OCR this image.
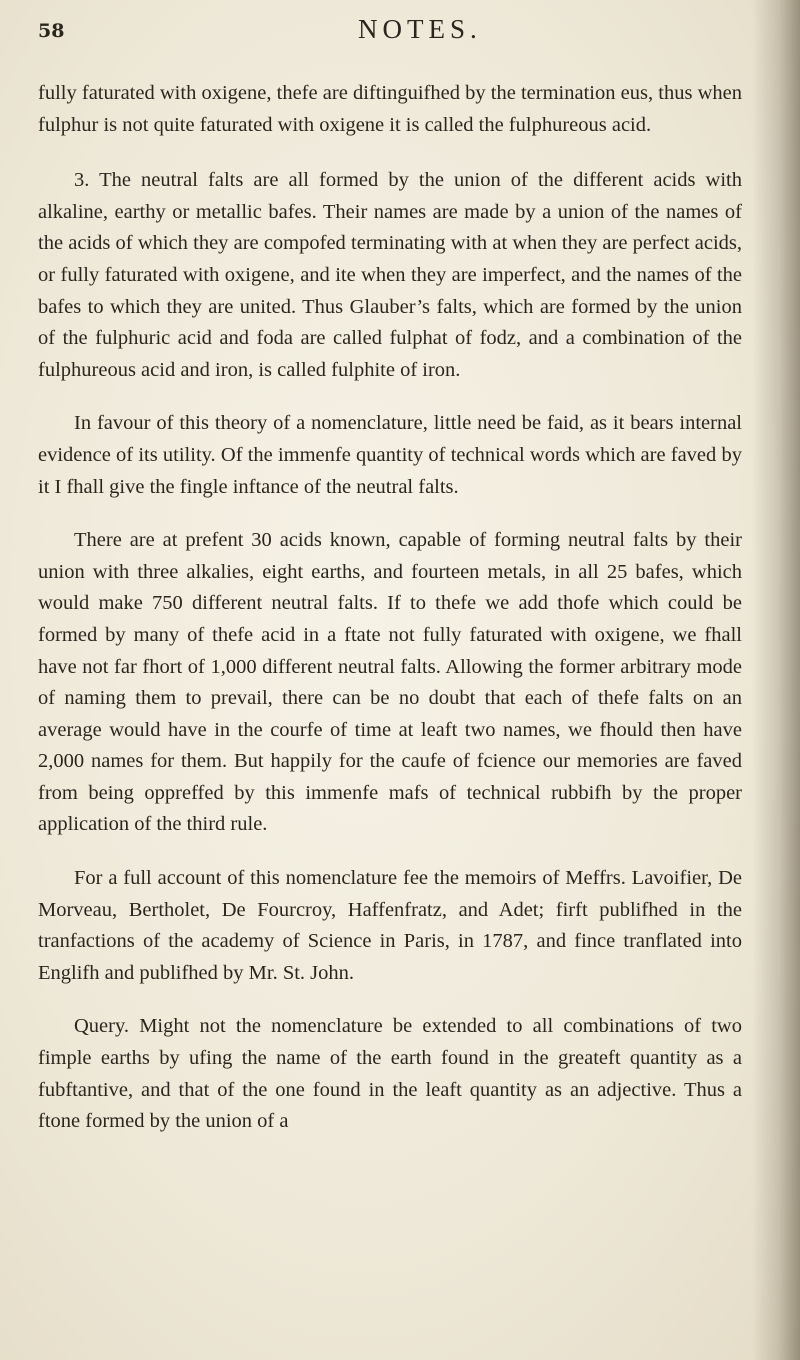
58	NOTES.

fully faturated with oxigene, thefe are diftinguifhed by the termination eus, thus when fulphur is not quite faturated with oxigene it is called the fulphureous acid.

3. The neutral falts are all formed by the union of the different acids with alkaline, earthy or metallic bafes. Their names are made by a union of the names of the acids of which they are compofed terminating with at when they are perfect acids, or fully faturated with oxigene, and ite when they are imperfect, and the names of the bafes to which they are united. Thus Glauber’s falts, which are formed by the union of the fulphuric acid and foda are called fulphat of fodz, and a combination of the fulphureous acid and iron, is called fulphite of iron.

In favour of this theory of a nomenclature, little need be faid, as it bears internal evidence of its utility. Of the immenfe quantity of technical words which are faved by it I fhall give the fingle inftance of the neutral falts.

There are at prefent 30 acids known, capable of forming neutral falts by their union with three alkalies, eight earths, and fourteen metals, in all 25 bafes, which would make 750 different neutral falts. If to thefe we add thofe which could be formed by many of thefe acid in a ftate not fully faturated with oxigene, we fhall have not far fhort of 1,000 different neutral falts. Allowing the former arbitrary mode of naming them to prevail, there can be no doubt that each of thefe falts on an average would have in the courfe of time at leaft two names, we fhould then have 2,000 names for them. But happily for the caufe of fcience our memories are faved from being oppreffed by this immenfe mafs of technical rubbifh by the proper application of the third rule.

For a full account of this nomenclature fee the memoirs of Meffrs. Lavoifier, De Morveau, Bertholet, De Fourcroy, Haffenfratz, and Adet; firft publifhed in the tranfactions of the academy of Science in Paris, in 1787, and fince tranflated into Englifh and publifhed by Mr. St. John.

Query. Might not the nomenclature be extended to all combinations of two fimple earths by ufing the name of the earth found in the greateft quantity as a fubftantive, and that of the one found in the leaft quantity as an adjective. Thus a ftone formed by the union of a
